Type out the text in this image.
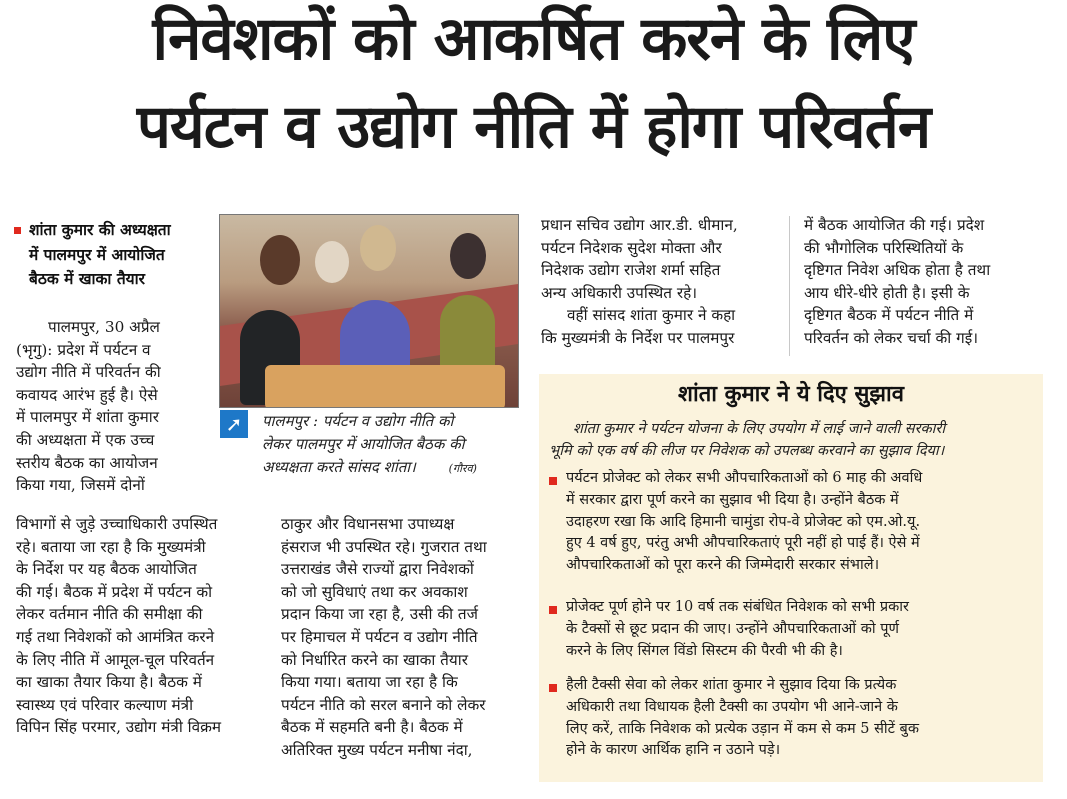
निवेशकों को आकर्षित करने के लिए
पर्यटन व उद्योग नीति में होगा परिवर्तन
शांता कुमार की अध्यक्षता
में पालमपुर में आयोजित
बैठक में खाका तैयार

पालमपुर, 30 अप्रैल

(भृगु): प्रदेश में पर्यटन व

उद्योग नीति में परिवर्तन की

कवायद आरंभ हुई है। ऐसे

में पालमपुर में शांता कुमार

की अध्यक्षता में एक उच्च

स्तरीय बैठक का आयोजन

किया गया, जिसमें दोनों

विभागों से जुड़े उच्चाधिकारी उपस्थित

रहे। बताया जा रहा है कि मुख्यमंत्री

के निर्देश पर यह बैठक आयोजित

की गई। बैठक में प्रदेश में पर्यटन को

लेकर वर्तमान नीति की समीक्षा की

गई तथा निवेशकों को आमंत्रित करने

के लिए नीति में आमूल-चूल परिवर्तन

का खाका तैयार किया है। बैठक में

स्वास्थ्य एवं परिवार कल्याण मंत्री

विपिन सिंह परमार, उद्योग मंत्री विक्रम

➚	पालमपुर : पर्यटन व उद्योग नीति को
लेकर पालमपुर में आयोजित बैठक की
अध्यक्षता करते सांसद शांता।	(गौरव)

ठाकुर और विधानसभा उपाध्यक्ष

हंसराज भी उपस्थित रहे। गुजरात तथा

उत्तराखंड जैसे राज्यों द्वारा निवेशकों

को जो सुविधाएं तथा कर अवकाश

प्रदान किया जा रहा है, उसी की तर्ज

पर हिमाचल में पर्यटन व उद्योग नीति

को निर्धारित करने का खाका तैयार

किया गया। बताया जा रहा है कि

पर्यटन नीति को सरल बनाने को लेकर

बैठक में सहमति बनी है। बैठक में

अतिरिक्त मुख्य पर्यटन मनीषा नंदा,

प्रधान सचिव उद्योग आर.डी. धीमान,

पर्यटन निदेशक सुदेश मोक्ता और

निदेशक उद्योग राजेश शर्मा सहित

अन्य अधिकारी उपस्थित रहे।

वहीं सांसद शांता कुमार ने कहा

कि मुख्यमंत्री के निर्देश पर पालमपुर

में बैठक आयोजित की गई। प्रदेश

की भौगोलिक परिस्थितियों के

दृष्टिगत निवेश अधिक होता है तथा

आय धीरे-धीरे होती है। इसी के

दृष्टिगत बैठक में पर्यटन नीति में

परिवर्तन को लेकर चर्चा की गई।

शांता कुमार ने ये दिए सुझाव
शांता कुमार ने पर्यटन योजना के लिए उपयोग में लाई जाने वाली सरकारी
भूमि को एक वर्ष की लीज पर निवेशक को उपलब्ध करवाने का सुझाव दिया।
पर्यटन प्रोजेक्ट को लेकर सभी औपचारिकताओं को 6 माह की अवधि
में सरकार द्वारा पूर्ण करने का सुझाव भी दिया है। उन्होंने बैठक में
उदाहरण रखा कि आदि हिमानी चामुंडा रोप-वे प्रोजेक्ट को एम.ओ.यू.
हुए 4 वर्ष हुए, परंतु अभी औपचारिकताएं पूरी नहीं हो पाई हैं। ऐसे में
औपचारिकताओं को पूरा करने की जिम्मेदारी सरकार संभाले।
प्रोजेक्ट पूर्ण होने पर 10 वर्ष तक संबंधित निवेशक को सभी प्रकार
के टैक्सों से छूट प्रदान की जाए। उन्होंने औपचारिकताओं को पूर्ण
करने के लिए सिंगल विंडो सिस्टम की पैरवी भी की है।
हैली टैक्सी सेवा को लेकर शांता कुमार ने सुझाव दिया कि प्रत्येक
अधिकारी तथा विधायक हैली टैक्सी का उपयोग भी आने-जाने के
लिए करें, ताकि निवेशक को प्रत्येक उड़ान में कम से कम 5 सीटें बुक
होने के कारण आर्थिक हानि न उठाने पड़े।
